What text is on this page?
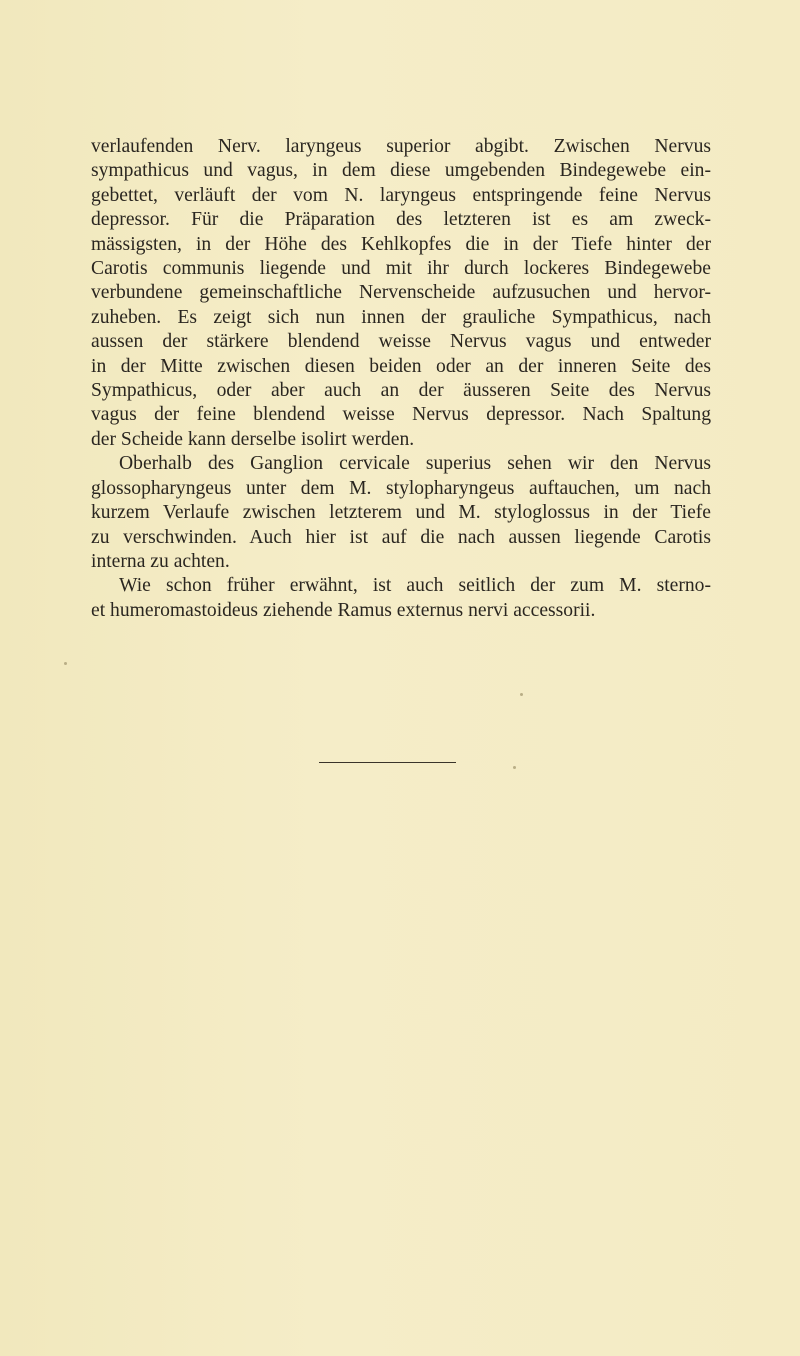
verlaufenden Nerv. laryngeus superior abgibt. Zwischen Nervus
sympathicus und vagus, in dem diese umgebenden Bindegewebe ein-
gebettet, verläuft der vom N. laryngeus entspringende feine Nervus
depressor. Für die Präparation des letzteren ist es am zweck-
mässigsten, in der Höhe des Kehlkopfes die in der Tiefe hinter der
Carotis communis liegende und mit ihr durch lockeres Bindegewebe
verbundene gemeinschaftliche Nervenscheide aufzusuchen und hervor-
zuheben. Es zeigt sich nun innen der grauliche Sympathicus, nach
aussen der stärkere blendend weisse Nervus vagus und entweder
in der Mitte zwischen diesen beiden oder an der inneren Seite des
Sympathicus, oder aber auch an der äusseren Seite des Nervus
vagus der feine blendend weisse Nervus depressor. Nach Spaltung
der Scheide kann derselbe isolirt werden.

Oberhalb des Ganglion cervicale superius sehen wir den Nervus
glossopharyngeus unter dem M. stylopharyngeus auftauchen, um nach
kurzem Verlaufe zwischen letzterem und M. styloglossus in der Tiefe
zu verschwinden. Auch hier ist auf die nach aussen liegende Carotis
interna zu achten.

Wie schon früher erwähnt, ist auch seitlich der zum M. sterno-
et humeromastoideus ziehende Ramus externus nervi accessorii.
